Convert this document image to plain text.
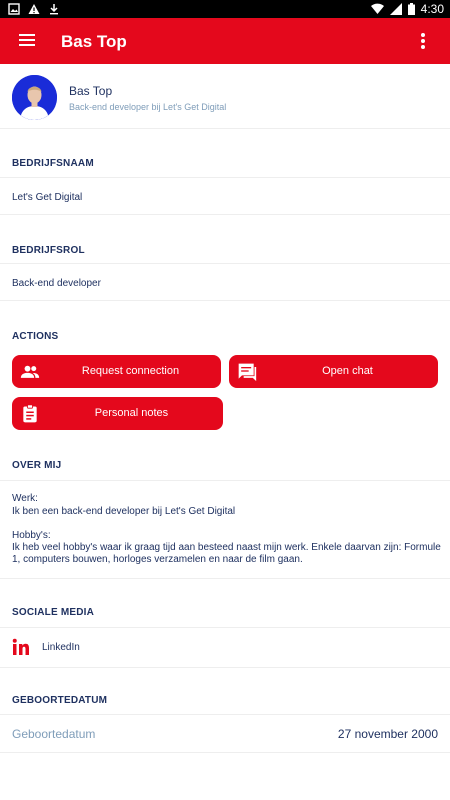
4:30
Bas Top
Bas Top
Back-end developer bij Let's Get Digital
BEDRIJFSNAAM
Let's Get Digital
BEDRIJFSROL
Back-end developer
ACTIONS
Request connection	Open chat
Personal notes
OVER MIJ
Werk:
Ik ben een back-end developer bij Let's Get Digital
Hobby's:
Ik heb veel hobby's waar ik graag tijd aan besteed naast mijn werk. Enkele daarvan zijn: Formule 1, computers bouwen, horloges verzamelen en naar de film gaan.
SOCIALE MEDIA
LinkedIn
GEBOORTEDATUM
Geboortedatum	27 november 2000
